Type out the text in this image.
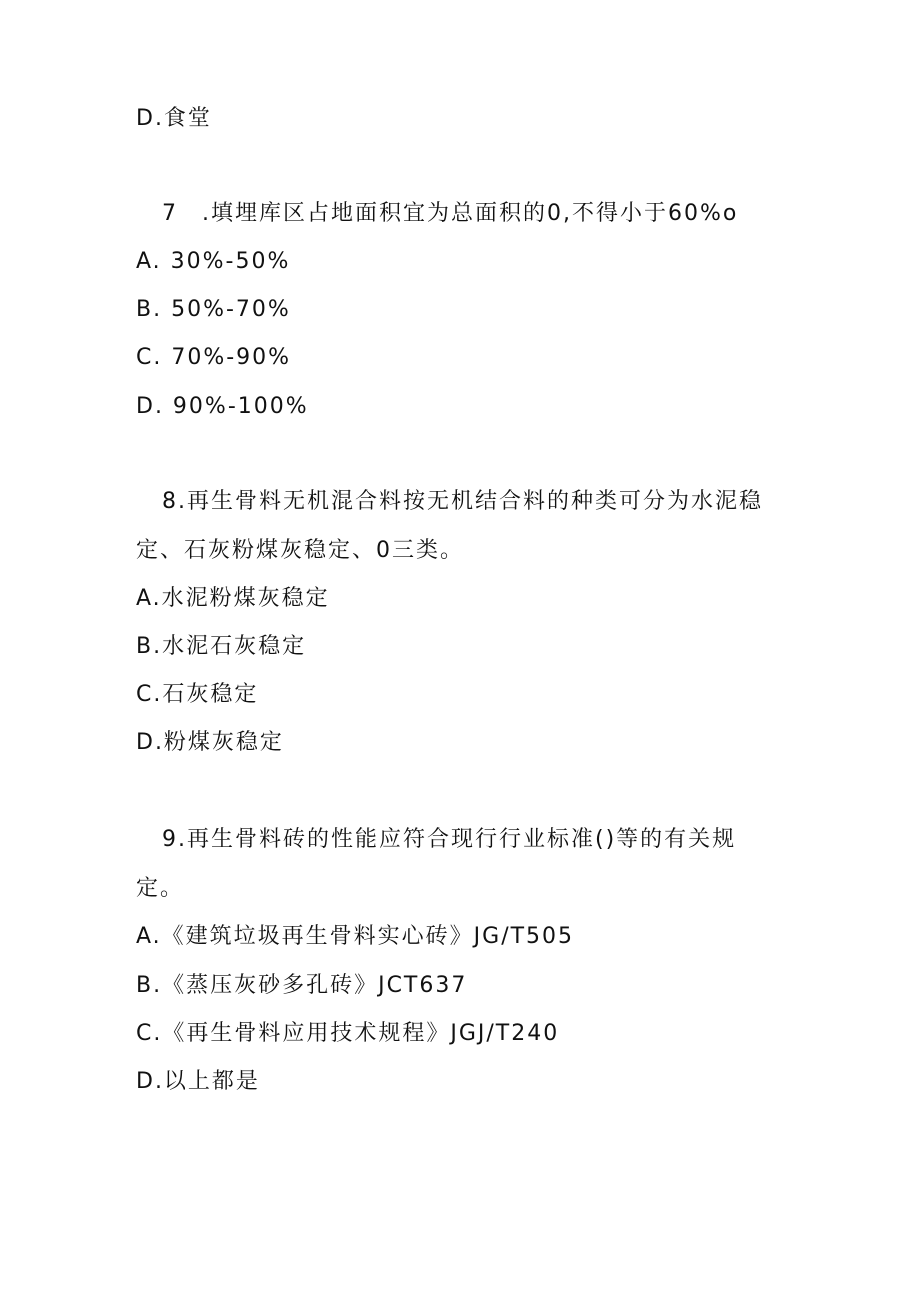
D.食堂
7　.填埋库区占地面积宜为总面积的0,不得小于60%o
A. 30%-50%
B. 50%-70%
C. 70%-90%
D. 90%-100%
8.再生骨料无机混合料按无机结合料的种类可分为水泥稳
定、石灰粉煤灰稳定、0三类。
A.水泥粉煤灰稳定
B.水泥石灰稳定
C.石灰稳定
D.粉煤灰稳定
9.再生骨料砖的性能应符合现行行业标准()等的有关规
定。
A.《建筑垃圾再生骨料实心砖》JG/T505
B.《蒸压灰砂多孔砖》JCT637
C.《再生骨料应用技术规程》JGJ/T240
D.以上都是
